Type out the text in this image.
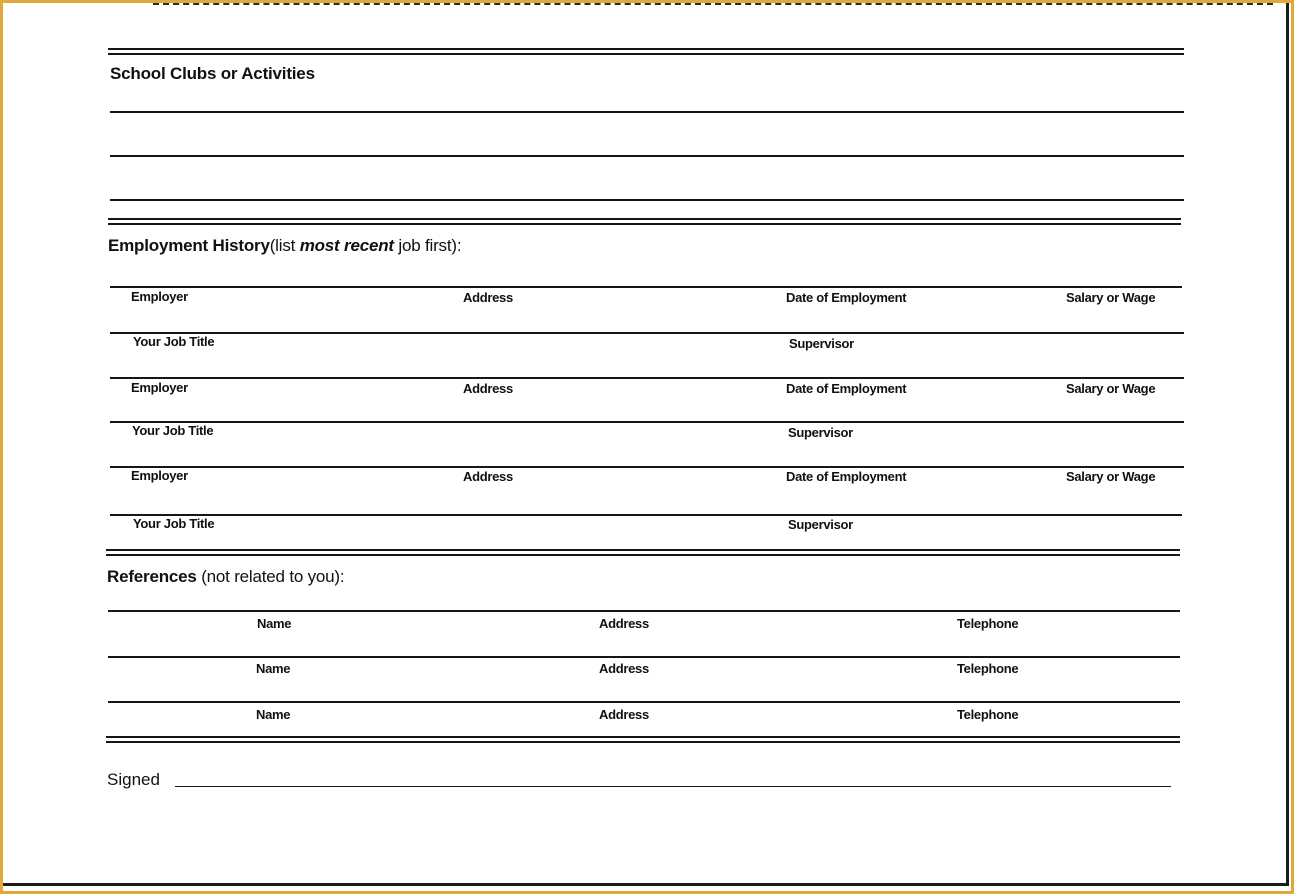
School Clubs or Activities
Employment History(list most recent job first):
Employer	Address	Date of Employment	Salary or Wage
Your Job Title	Supervisor
Employer	Address	Date of Employment	Salary or Wage
Your Job Title	Supervisor
Employer	Address	Date of Employment	Salary or Wage
Your Job Title	Supervisor
References (not related to you):
Name	Address	Telephone
Name	Address	Telephone
Name	Address	Telephone
Signed
